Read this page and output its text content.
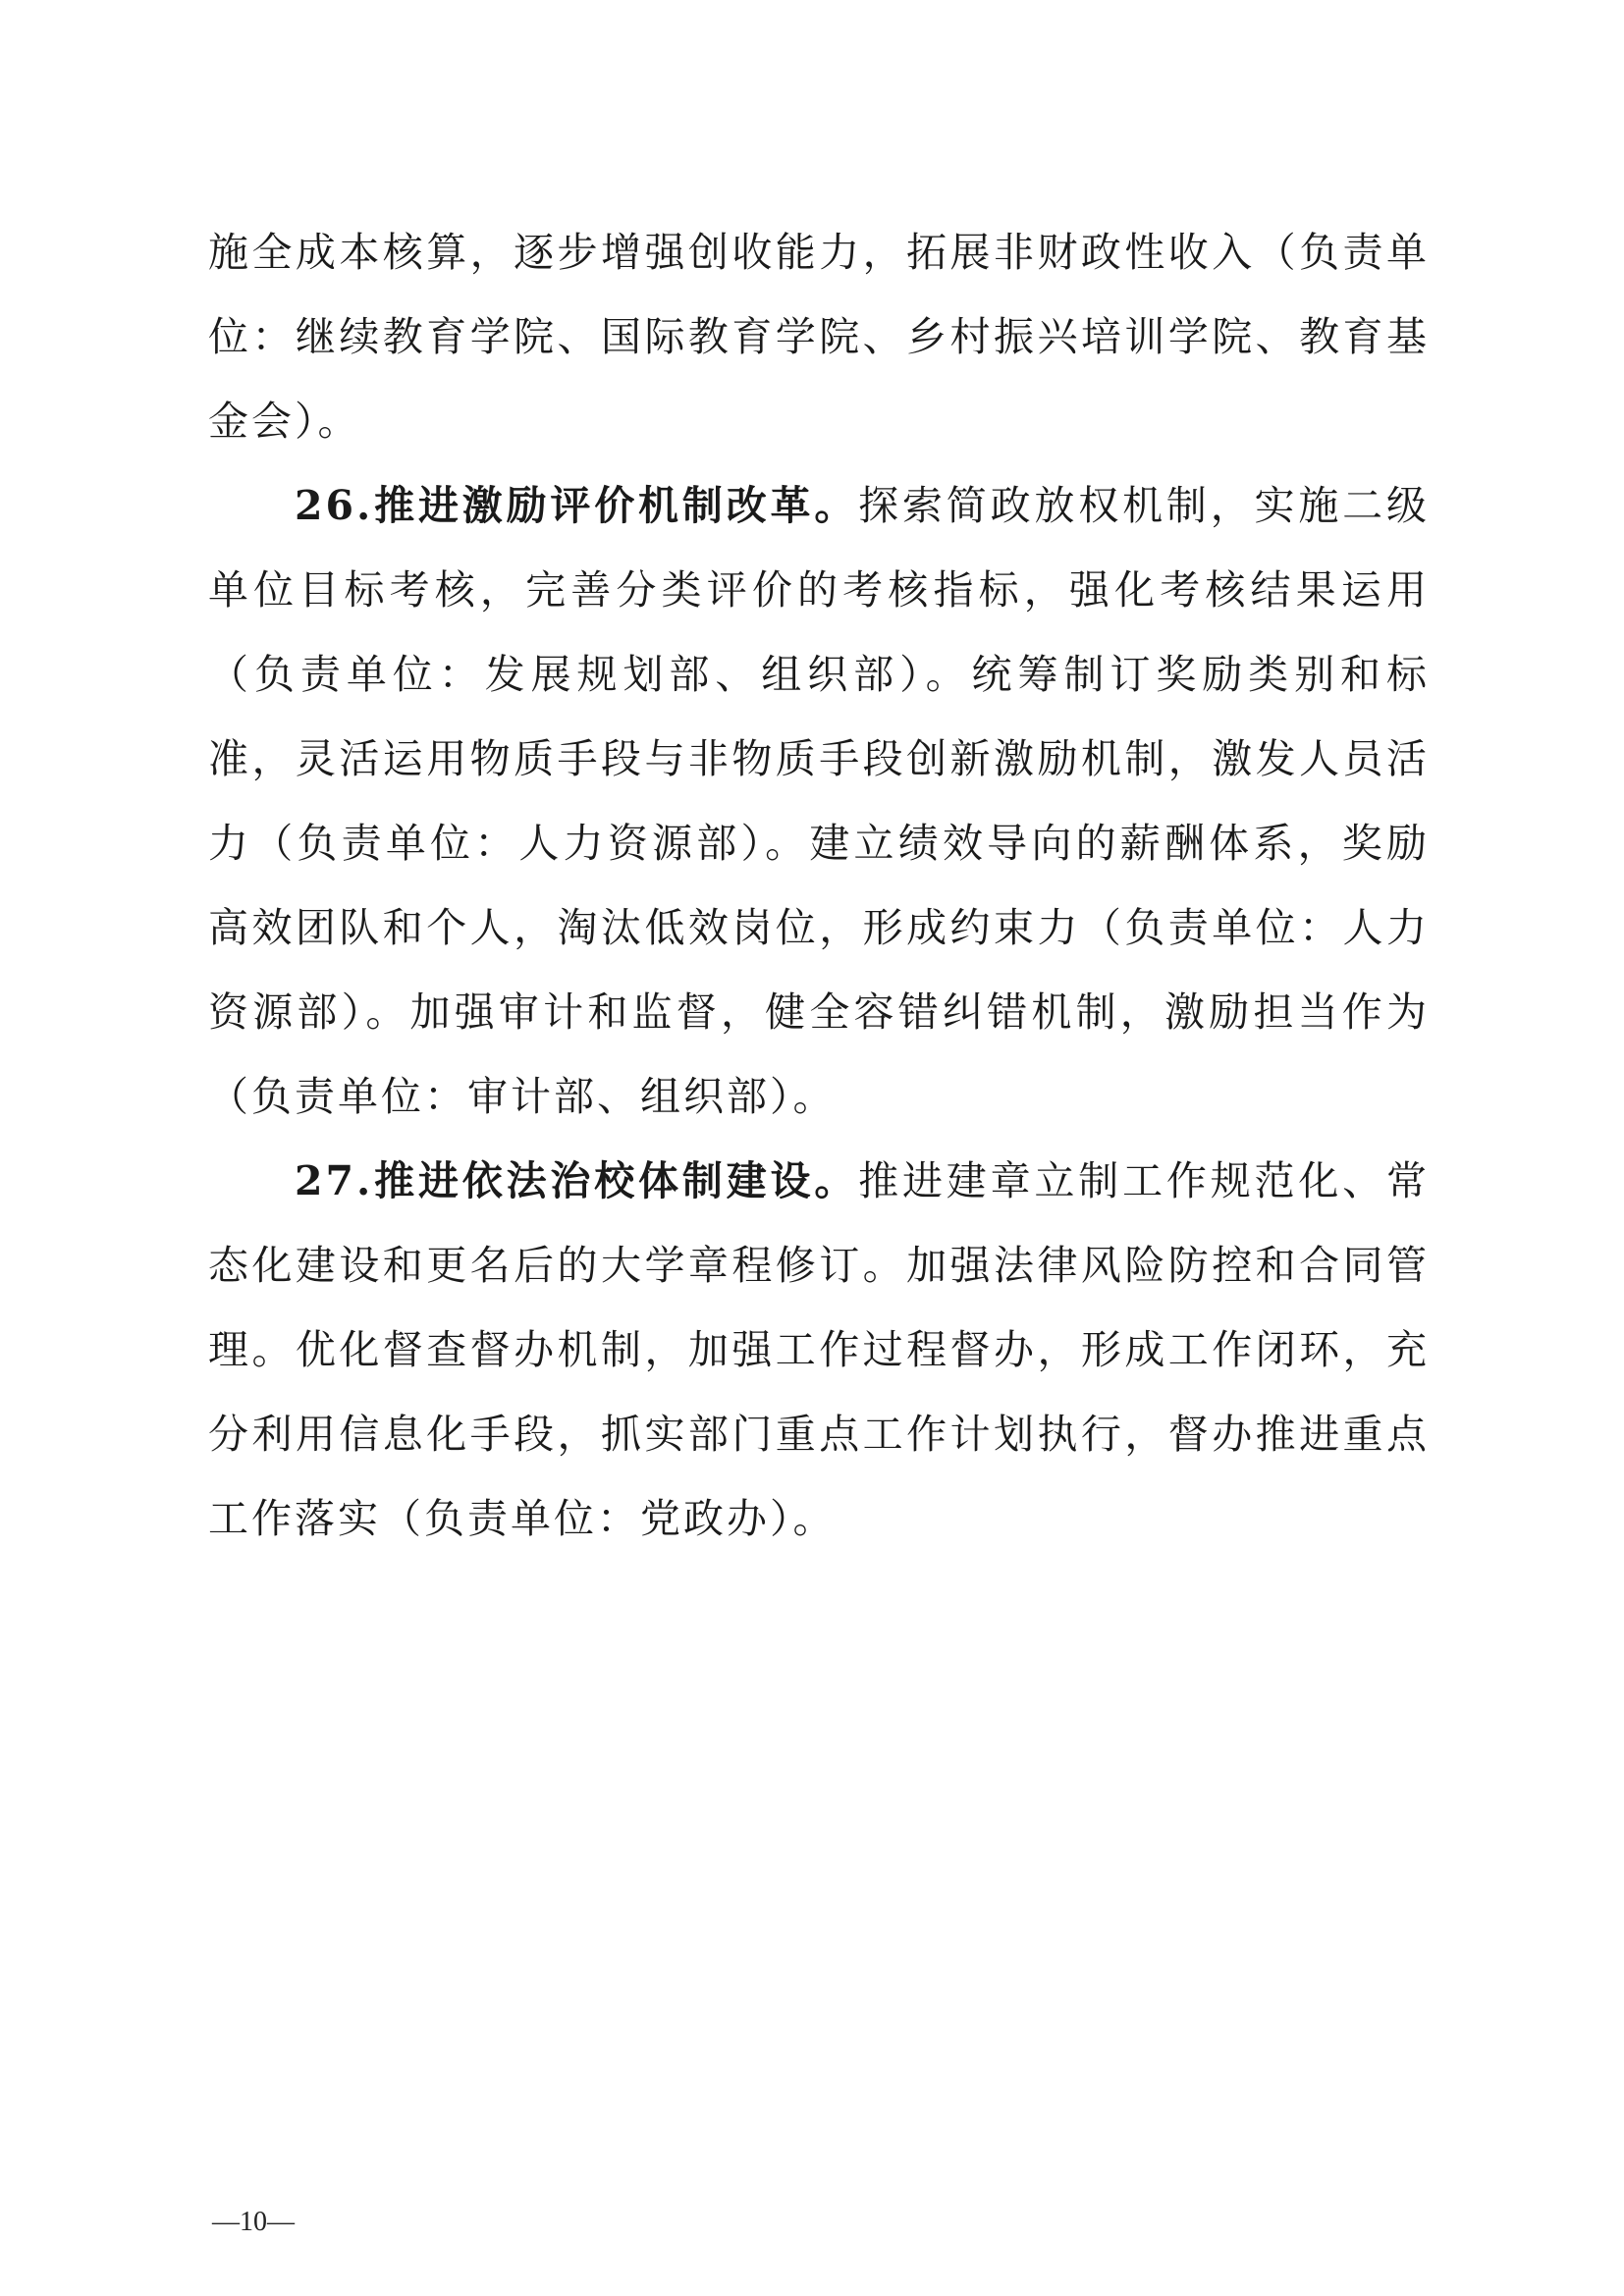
施全成本核算，逐步增强创收能力，拓展非财政性收入（负责单位：继续教育学院、国际教育学院、乡村振兴培训学院、教育基金会）。

26.推进激励评价机制改革。探索简政放权机制，实施二级单位目标考核，完善分类评价的考核指标，强化考核结果运用（负责单位：发展规划部、组织部）。统筹制订奖励类别和标准，灵活运用物质手段与非物质手段创新激励机制，激发人员活力（负责单位：人力资源部）。建立绩效导向的薪酬体系，奖励高效团队和个人，淘汰低效岗位，形成约束力（负责单位：人力资源部）。加强审计和监督，健全容错纠错机制，激励担当作为（负责单位：审计部、组织部）。

27.推进依法治校体制建设。推进建章立制工作规范化、常态化建设和更名后的大学章程修订。加强法律风险防控和合同管理。优化督查督办机制，加强工作过程督办，形成工作闭环，充分利用信息化手段，抓实部门重点工作计划执行，督办推进重点工作落实（负责单位：党政办）。

—10—
